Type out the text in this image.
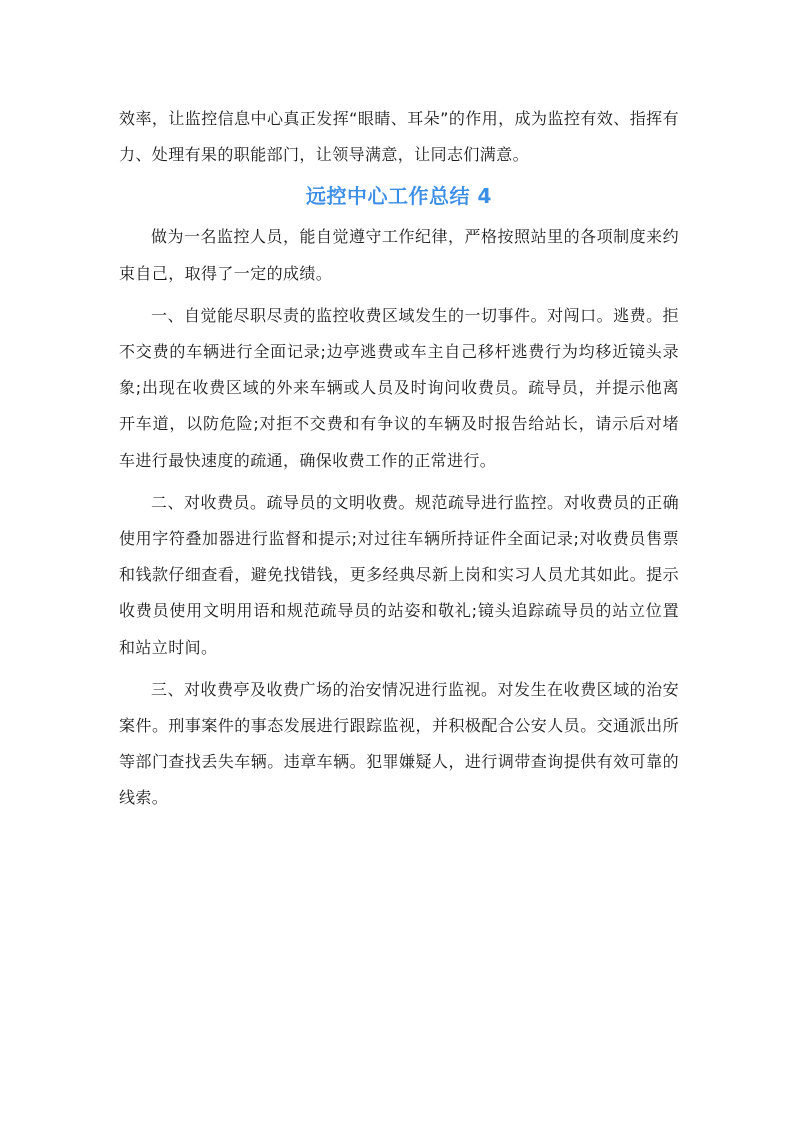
效率，让监控信息中心真正发挥“眼睛、耳朵”的作用，成为监控有效、指挥有力、处理有果的职能部门，让领导满意，让同志们满意。

远控中心工作总结 4

做为一名监控人员，能自觉遵守工作纪律，严格按照站里的各项制度来约束自己，取得了一定的成绩。

一、自觉能尽职尽责的监控收费区域发生的一切事件。对闯口。逃费。拒不交费的车辆进行全面记录;边亭逃费或车主自己移杆逃费行为均移近镜头录象;出现在收费区域的外来车辆或人员及时询问收费员。疏导员，并提示他离开车道，以防危险;对拒不交费和有争议的车辆及时报告给站长，请示后对堵车进行最快速度的疏通，确保收费工作的正常进行。

二、对收费员。疏导员的文明收费。规范疏导进行监控。对收费员的正确使用字符叠加器进行监督和提示;对过往车辆所持证件全面记录;对收费员售票和钱款仔细查看，避免找错钱，更多经典尽新上岗和实习人员尤其如此。提示收费员使用文明用语和规范疏导员的站姿和敬礼;镜头追踪疏导员的站立位置和站立时间。

三、对收费亭及收费广场的治安情况进行监视。对发生在收费区域的治安案件。刑事案件的事态发展进行跟踪监视，并积极配合公安人员。交通派出所等部门查找丢失车辆。违章车辆。犯罪嫌疑人，进行调带查询提供有效可靠的线索。
